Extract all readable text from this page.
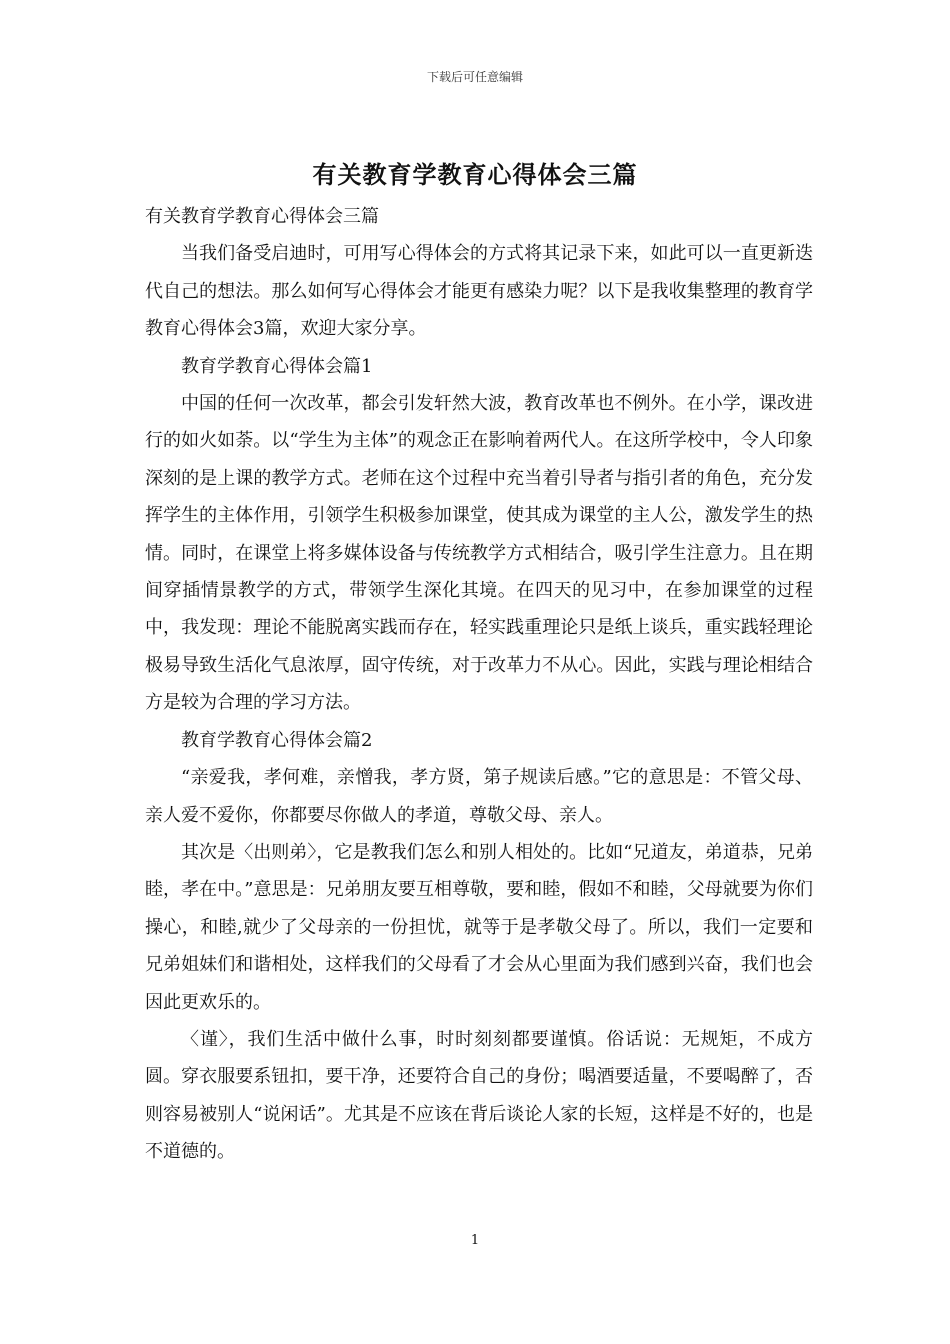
下载后可任意编辑
有关教育学教育心得体会三篇

有关教育学教育心得体会三篇

当我们备受启迪时，可用写心得体会的方式将其记录下来，如此可以一直更新迭代自己的想法。那么如何写心得体会才能更有感染力呢？以下是我收集整理的教育学教育心得体会3篇，欢迎大家分享。

教育学教育心得体会篇1

中国的任何一次改革，都会引发轩然大波，教育改革也不例外。在小学，课改进行的如火如荼。以“学生为主体”的观念正在影响着两代人。在这所学校中，令人印象深刻的是上课的教学方式。老师在这个过程中充当着引导者与指引者的角色，充分发挥学生的主体作用，引领学生积极参加课堂，使其成为课堂的主人公，激发学生的热情。同时，在课堂上将多媒体设备与传统教学方式相结合，吸引学生注意力。且在期间穿插情景教学的方式，带领学生深化其境。在四天的见习中，在参加课堂的过程中，我发现：理论不能脱离实践而存在，轻实践重理论只是纸上谈兵，重实践轻理论极易导致生活化气息浓厚，固守传统，对于改革力不从心。因此，实践与理论相结合方是较为合理的学习方法。

教育学教育心得体会篇2

“亲爱我，孝何难，亲憎我，孝方贤，第子规读后感。”它的意思是：不管父母、亲人爱不爱你，你都要尽你做人的孝道，尊敬父母、亲人。

其次是〈出则弟〉，它是教我们怎么和别人相处的。比如“兄道友，弟道恭，兄弟睦，孝在中。”意思是：兄弟朋友要互相尊敬，要和睦，假如不和睦，父母就要为你们操心，和睦,就少了父母亲的一份担忧，就等于是孝敬父母了。所以，我们一定要和兄弟姐妹们和谐相处，这样我们的父母看了才会从心里面为我们感到兴奋，我们也会因此更欢乐的。

〈谨〉，我们生活中做什么事，时时刻刻都要谨慎。俗话说：无规矩，不成方圆。穿衣服要系钮扣，要干净，还要符合自己的身份；喝酒要适量，不要喝醉了，否则容易被别人“说闲话”。尤其是不应该在背后谈论人家的长短，这样是不好的，也是不道德的。

1
